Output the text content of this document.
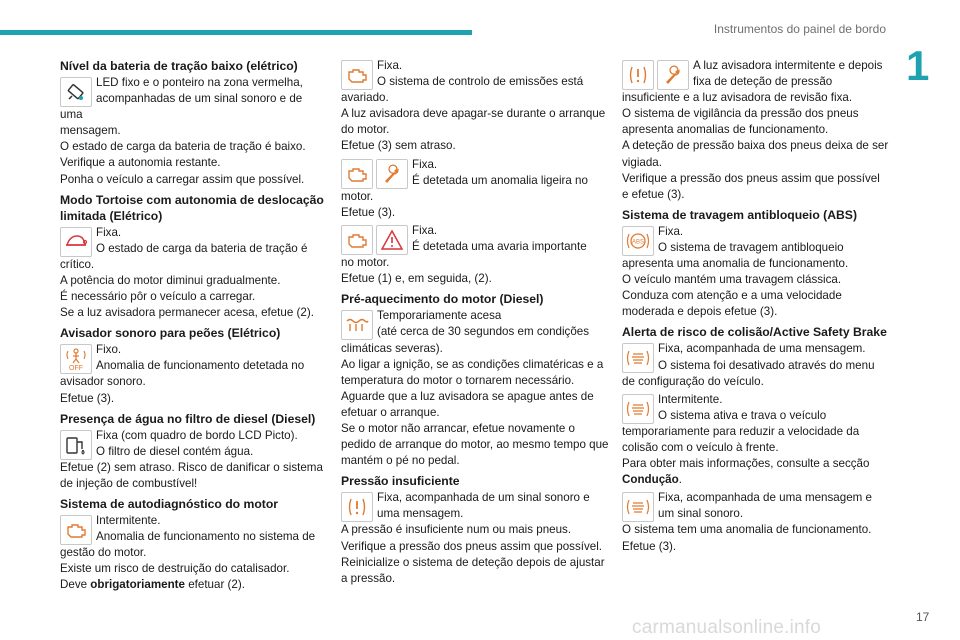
Instrumentos do painel de bordo
1
17
carmanualsonline.info
Nível da bateria de tração baixo (elétrico)
LED fixo e o ponteiro na zona vermelha,
acompanhadas de um sinal sonoro e de uma
mensagem.
O estado de carga da bateria de tração é baixo.
Verifique a autonomia restante.
Ponha o veículo a carregar assim que possível.
Modo Tortoise com autonomia de deslocação
limitada (Elétrico)
Fixa.
O estado de carga da bateria de tração é
crítico.
A potência do motor diminui gradualmente.
É necessário pôr o veículo a carregar.
Se a luz avisadora permanecer acesa, efetue (2).
Avisador sonoro para peões (Elétrico)
OFF
Fixo.
Anomalia de funcionamento detetada no
avisador sonoro.
Efetue (3).
Presença de água no filtro de diesel (Diesel)
Fixa (com quadro de bordo LCD Picto).
O filtro de diesel contém água.
Efetue (2) sem atraso. Risco de danificar o sistema
de injeção de combustível!
Sistema de autodiagnóstico do motor
Intermitente.
Anomalia de funcionamento no sistema de
gestão do motor.
Existe um risco de destruição do catalisador.
Deve obrigatoriamente efetuar (2).
Fixa.
O sistema de controlo de emissões está
avariado.
A luz avisadora deve apagar-se durante o arranque
do motor.
Efetue (3) sem atraso.
Fixa.
É detetada um anomalia ligeira no
motor.
Efetue (3).
Fixa.
É detetada uma avaria importante
no motor.
Efetue (1) e, em seguida, (2).
Pré-aquecimento do motor (Diesel)
Temporariamente acesa
(até cerca de 30 segundos em condições
climáticas severas).
Ao ligar a ignição, se as condições climatéricas e a
temperatura do motor o tornarem necessário.
Aguarde que a luz avisadora se apague antes de
efetuar o arranque.
Se o motor não arrancar, efetue novamente o
pedido de arranque do motor, ao mesmo tempo que
mantém o pé no pedal.
Pressão insuficiente
Fixa, acompanhada de um sinal sonoro e
uma mensagem.
A pressão é insuficiente num ou mais pneus.
Verifique a pressão dos pneus assim que possível.
Reinicialize o sistema de deteção depois de ajustar
a pressão.
A luz avisadora intermitente e depois
fixa de deteção de pressão
insuficiente e a luz avisadora de revisão fixa.
O sistema de vigilância da pressão dos pneus
apresenta anomalias de funcionamento.
A deteção de pressão baixa dos pneus deixa de ser
vigiada.
Verifique a pressão dos pneus assim que possível
e efetue (3).
Sistema de travagem antibloqueio (ABS)
ABS
Fixa.
O sistema de travagem antibloqueio
apresenta uma anomalia de funcionamento.
O veículo mantém uma travagem clássica.
Conduza com atenção e a uma velocidade
moderada e depois efetue (3).
Alerta de risco de colisão/Active Safety Brake
Fixa, acompanhada de uma mensagem.
O sistema foi desativado através do menu
de configuração do veículo.
Intermitente.
O sistema ativa e trava o veículo
temporariamente para reduzir a velocidade da
colisão com o veículo à frente.
Para obter mais informações, consulte a secção
Condução.
Fixa, acompanhada de uma mensagem e
um sinal sonoro.
O sistema tem uma anomalia de funcionamento.
Efetue (3).
